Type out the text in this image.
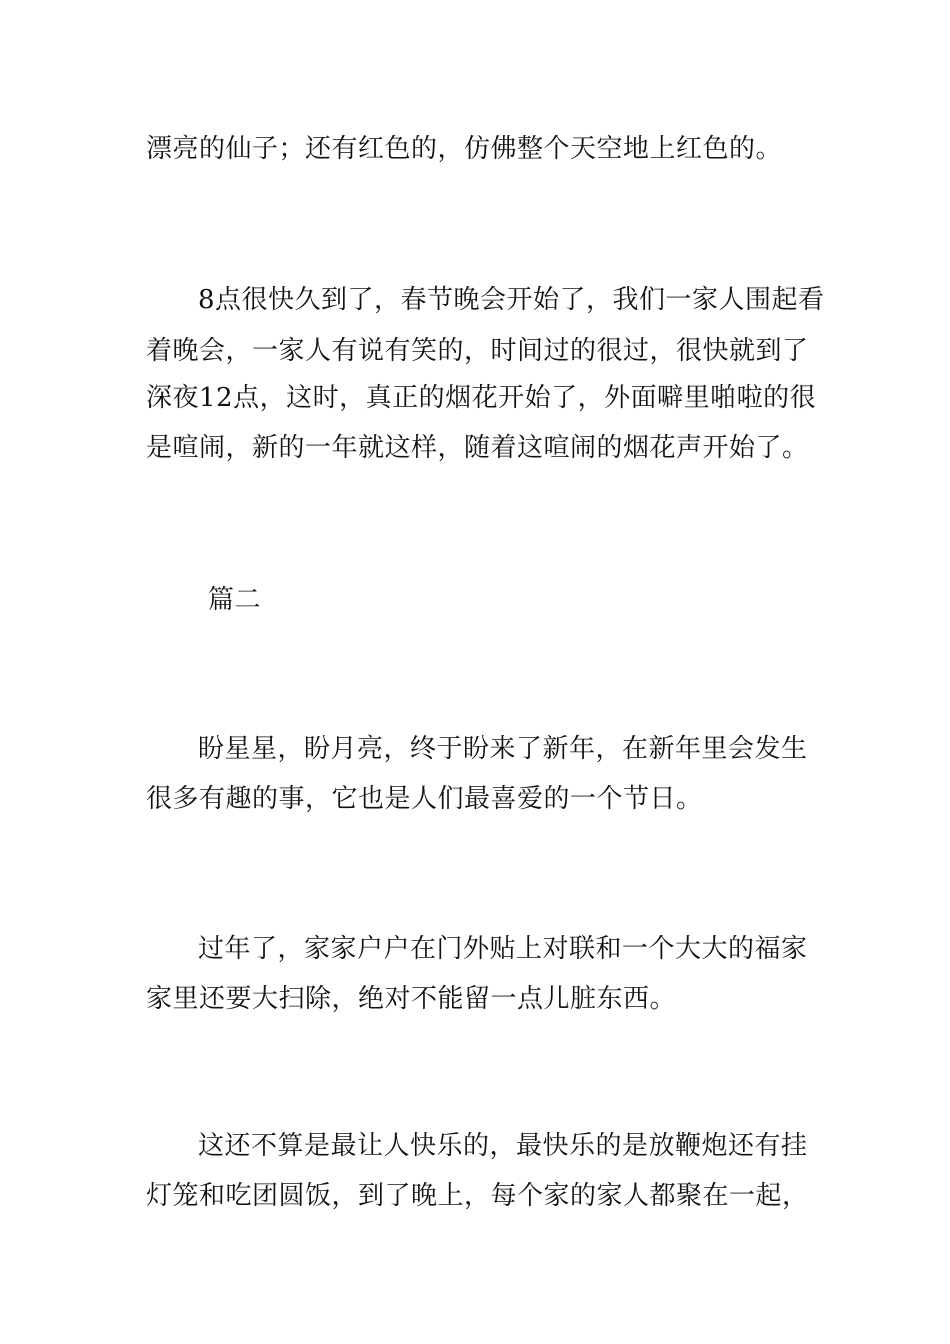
漂亮的仙子；还有红色的，仿佛整个天空地上红色的。
8点很快久到了，春节晚会开始了，我们一家人围起看
着晚会，一家人有说有笑的，时间过的很过，很快就到了
深夜12点，这时，真正的烟花开始了，外面噼里啪啦的很
是喧闹，新的一年就这样，随着这喧闹的烟花声开始了。
篇二
盼星星，盼月亮，终于盼来了新年，在新年里会发生
很多有趣的事，它也是人们最喜爱的一个节日。
过年了，家家户户在门外贴上对联和一个大大的福家
家里还要大扫除，绝对不能留一点儿脏东西。
这还不算是最让人快乐的，最快乐的是放鞭炮还有挂
灯笼和吃团圆饭，到了晚上，每个家的家人都聚在一起，
